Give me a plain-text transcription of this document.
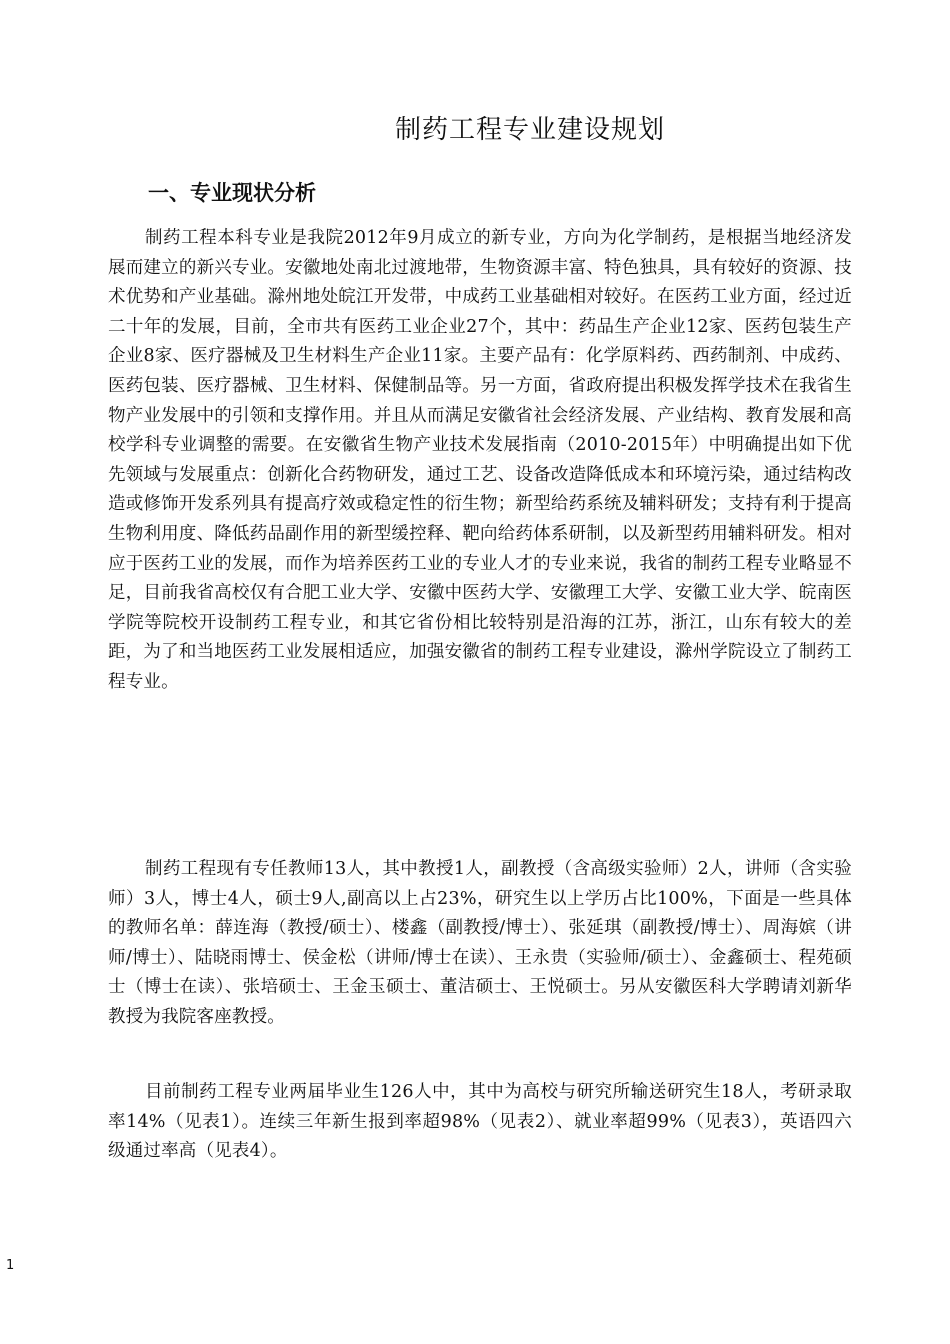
制药工程专业建设规划
一、专业现状分析

制药工程本科专业是我院2012年9月成立的新专业，方向为化学制药，是根据当地经济发展而建立的新兴专业。安徽地处南北过渡地带，生物资源丰富、特色独具，具有较好的资源、技术优势和产业基础。滁州地处皖江开发带，中成药工业基础相对较好。在医药工业方面，经过近二十年的发展，目前，全市共有医药工业企业27个，其中：药品生产企业12家、医药包装生产企业8家、医疗器械及卫生材料生产企业11家。主要产品有：化学原料药、西药制剂、中成药、医药包装、医疗器械、卫生材料、保健制品等。另一方面，省政府提出积极发挥学技术在我省生物产业发展中的引领和支撑作用。并且从而满足安徽省社会经济发展、产业结构、教育发展和高校学科专业调整的需要。在安徽省生物产业技术发展指南（2010-2015年）中明确提出如下优先领域与发展重点：创新化合药物研发，通过工艺、设备改造降低成本和环境污染，通过结构改造或修饰开发系列具有提高疗效或稳定性的衍生物；新型给药系统及辅料研发；支持有利于提高生物利用度、降低药品副作用的新型缓控释、靶向给药体系研制，以及新型药用辅料研发。相对应于医药工业的发展，而作为培养医药工业的专业人才的专业来说，我省的制药工程专业略显不足，目前我省高校仅有合肥工业大学、安徽中医药大学、安徽理工大学、安徽工业大学、皖南医学院等院校开设制药工程专业，和其它省份相比较特别是沿海的江苏，浙江，山东有较大的差距，为了和当地医药工业发展相适应，加强安徽省的制药工程专业建设，滁州学院设立了制药工程专业。

制药工程现有专任教师13人，其中教授1人，副教授（含高级实验师）2人，讲师（含实验师）3人，博士4人，硕士9人,副高以上占23%，研究生以上学历占比100%，下面是一些具体的教师名单：薛连海（教授/硕士）、楼鑫（副教授/博士）、张延琪（副教授/博士）、周海嫔（讲师/博士）、陆晓雨博士、侯金松（讲师/博士在读）、王永贵（实验师/硕士）、金鑫硕士、程苑硕士（博士在读）、张培硕士、王金玉硕士、董洁硕士、王悦硕士。另从安徽医科大学聘请刘新华教授为我院客座教授。

目前制药工程专业两届毕业生126人中，其中为高校与研究所输送研究生18人，考研录取率14%（见表1）。连续三年新生报到率超98%（见表2）、就业率超99%（见表3），英语四六级通过率高（见表4）。

1
